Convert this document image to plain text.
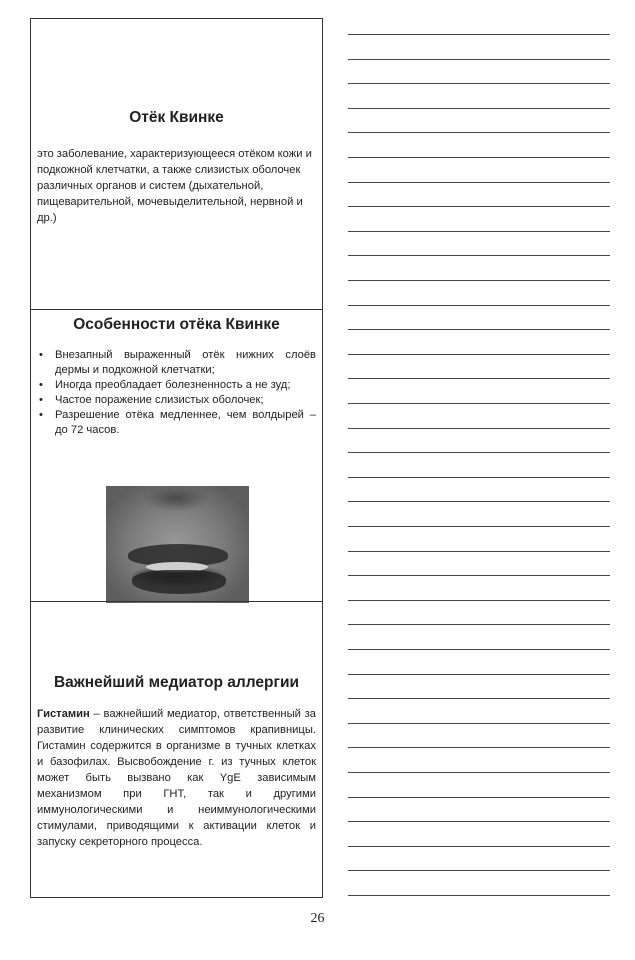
Отёк Квинке
это заболевание, характеризующееся отёком кожи и подкожной клетчатки, а также слизистых оболочек различных органов и систем (дыхательной, пищеварительной, мочевыделительной, нервной и др.)
Особенности отёка Квинке
• Внезапный выраженный отёк нижних слоёв дермы и подкожной клетчатки;
• Иногда преобладает болезненность а не зуд;
• Частое поражение слизистых оболочек;
• Разрешение отёка медленнее, чем волдырей – до 72 часов.
Важнейший медиатор аллергии
Гистамин – важнейший медиатор, ответственный за развитие клинических симптомов крапивницы. Гистамин содержится в организме в тучных клетках и базофилах. Высвобождение г. из тучных клеток может быть вызвано как YgE зависимым механизмом при ГНТ, так и другими иммунологическими и неиммунологическими стимулами, приводящими к активации клеток и запуску секреторного процесса.
26
